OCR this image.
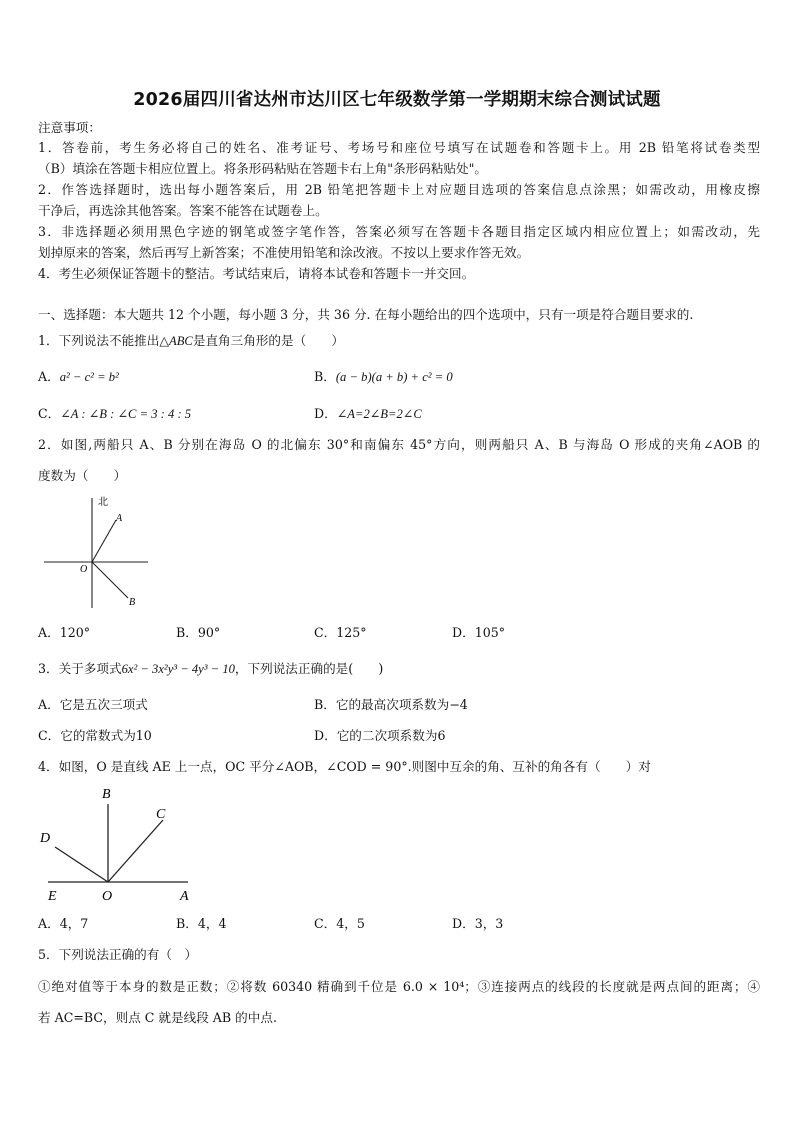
2026届四川省达州市达川区七年级数学第一学期期末综合测试试题
注意事项：
1．答卷前，考生务必将自己的姓名、准考证号、考场号和座位号填写在试题卷和答题卡上。用 2B 铅笔将试卷类型
（B）填涂在答题卡相应位置上。将条形码粘贴在答题卡右上角"条形码粘贴处"。
2．作答选择题时，选出每小题答案后，用 2B 铅笔把答题卡上对应题目选项的答案信息点涂黑；如需改动，用橡皮擦
干净后，再选涂其他答案。答案不能答在试题卷上。
3．非选择题必须用黑色字迹的钢笔或签字笔作答，答案必须写在答题卡各题目指定区域内相应位置上；如需改动，先
划掉原来的答案，然后再写上新答案；不准使用铅笔和涂改液。不按以上要求作答无效。
4．考生必须保证答题卡的整洁。考试结束后，请将本试卷和答题卡一并交回。
一、选择题：本大题共 12 个小题，每小题 3 分，共 36 分. 在每小题给出的四个选项中，只有一项是符合题目要求的.
1．下列说法不能推出△ABC是直角三角形的是（　　）
A．a² − c² = b²	B．(a − b)(a + b) + c² = 0
C．∠A : ∠B : ∠C = 3 : 4 : 5	D．∠A=2∠B=2∠C
2．如图,两船只 A、B 分别在海岛 O 的北偏东 30°和南偏东 45°方向，则两船只 A、B 与海岛 O 形成的夹角∠AOB 的
度数为（　　）
北
A
O
B
A．120°	B．90°	C．125°	D．105°
3．关于多项式6x² − 3x²y³ − 4y³ − 10，下列说法正确的是(　　)
A．它是五次三项式	B．它的最高次项系数为−4
C．它的常数式为10	D．它的二次项系数为6
4．如图，O 是直线 AE 上一点，OC 平分∠AOB，∠COD = 90°.则图中互余的角、互补的角各有（　　）对
B
C
D
E	O	A
A．4，7	B．4，4	C．4，5	D．3，3
5．下列说法正确的有（　）
①绝对值等于本身的数是正数；②将数 60340 精确到千位是 6.0 × 10⁴；③连接两点的线段的长度就是两点间的距离；④
若 AC=BC，则点 C 就是线段 AB 的中点.
